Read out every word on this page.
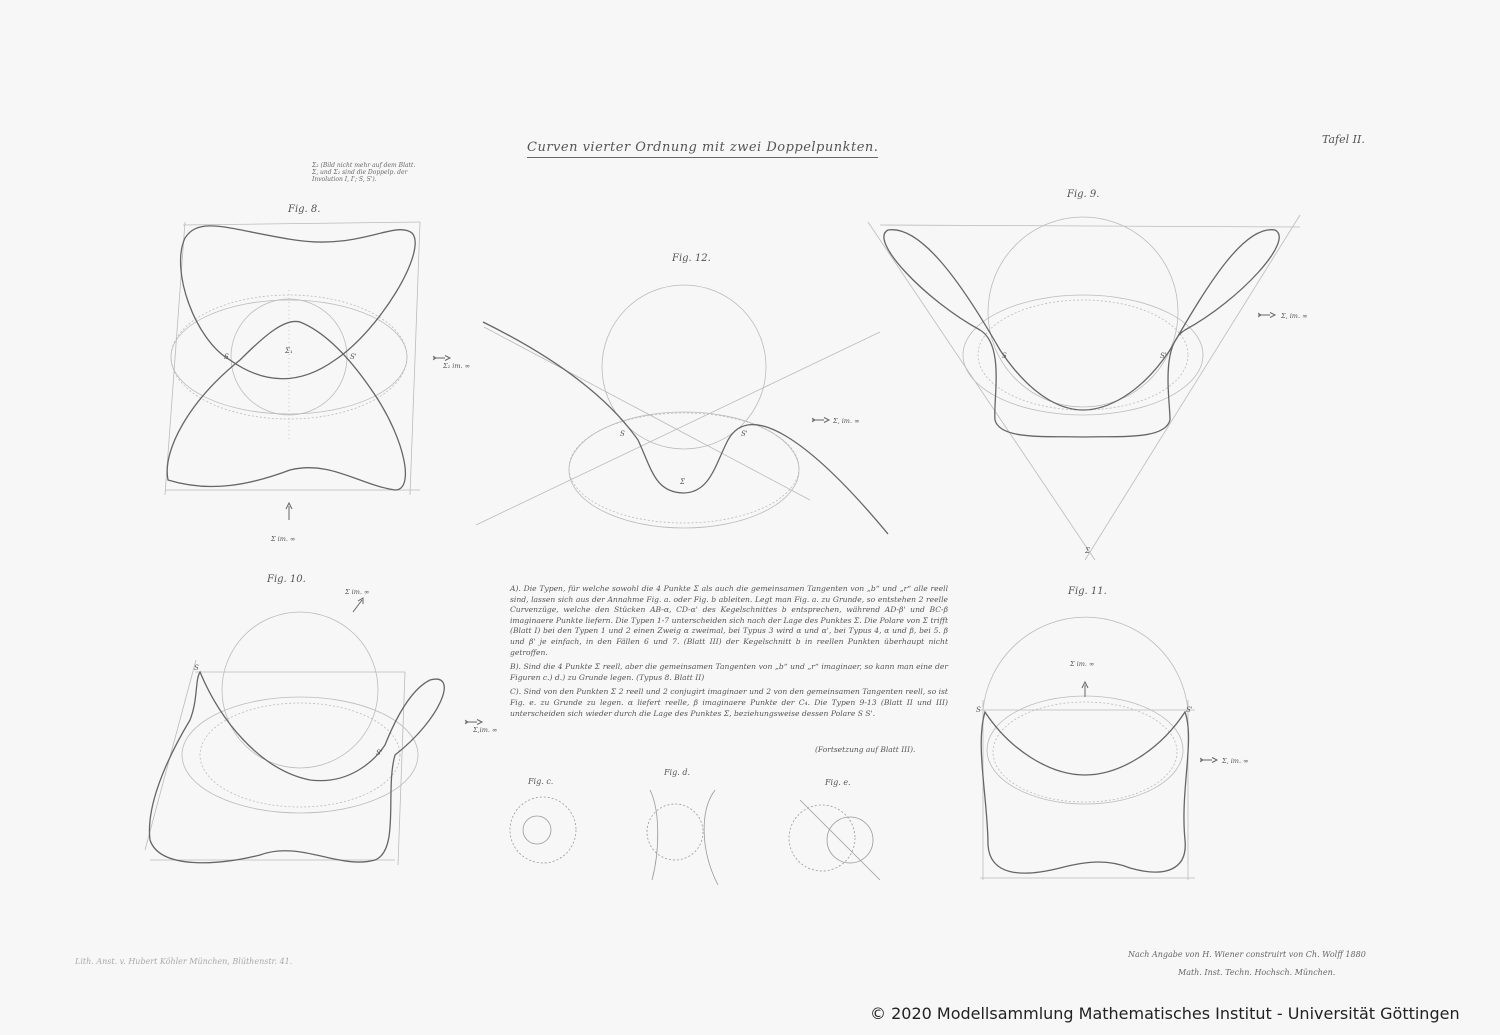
Fig. 8.
S	S'
Σ₁
Σ₂ im. ∞
Σ im. ∞
Fig. 12.
S	S'
Σ
Σ, im. ∞
Fig. 9.
S	S'
Σ
Σ, im. ∞
Fig. 10.
S
S'
Σ im. ∞
Σ,im. ∞
Fig. 11.
S	S'
Σ im. ∞
Σ, im. ∞
Fig. c.
Fig. d.
Fig. e.
Curven vierter Ordnung mit zwei Doppelpunkten.
Tafel II.
Σ₂ (Bild nicht mehr auf dem Blatt. Σ, und Σ₂ sind die Doppelp. der Involution I, I'; S, S').

A). Die Typen, für welche sowohl die 4 Punkte Σ als auch die gemeinsamen Tangenten von „b“ und „r“ alle reell sind, lassen sich aus der Annahme Fig. a. oder Fig. b ableiten. Legt man Fig. a. zu Grunde, so entstehen 2 reelle Curvenzüge, welche den Stücken AB-α, CD-α' des Kegelschnittes b entsprechen, während AD-β' und BC-β imaginaere Punkte liefern. Die Typen 1-7 unterscheiden sich nach der Lage des Punktes Σ. Die Polare von Σ trifft (Blatt I) bei den Typen 1 und 2 einen Zweig α zweimal, bei Typus 3 wird α und α', bei Typus 4, α und β, bei 5. β und β' je einfach, in den Fällen 6 und 7. (Blatt III) der Kegelschnitt b in reellen Punkten überhaupt nicht getroffen.

B). Sind die 4 Punkte Σ reell, aber die gemeinsamen Tangenten von „b“ und „r“ imaginaer, so kann man eine der Figuren c.) d.) zu Grunde legen. (Typus 8. Blatt II)

C). Sind von den Punkten Σ 2 reell und 2 conjugirt imaginaer und 2 von den gemeinsamen Tangenten reell, so ist Fig. e. zu Grunde zu legen. α liefert reelle, β imaginaere Punkte der C₄. Die Typen 9-13 (Blatt II und III) unterscheiden sich wieder durch die Lage des Punktes Σ, beziehungsweise dessen Polare S S'.

(Fortsetzung auf Blatt III).
Lith. Anst. v. Hubert Köhler München, Blüthenstr. 41.
Nach Angabe von H. Wiener construirt von Ch. Wolff 1880
Math. Inst. Techn. Hochsch. München.
© 2020 Modellsammlung Mathematisches Institut - Universität Göttingen
